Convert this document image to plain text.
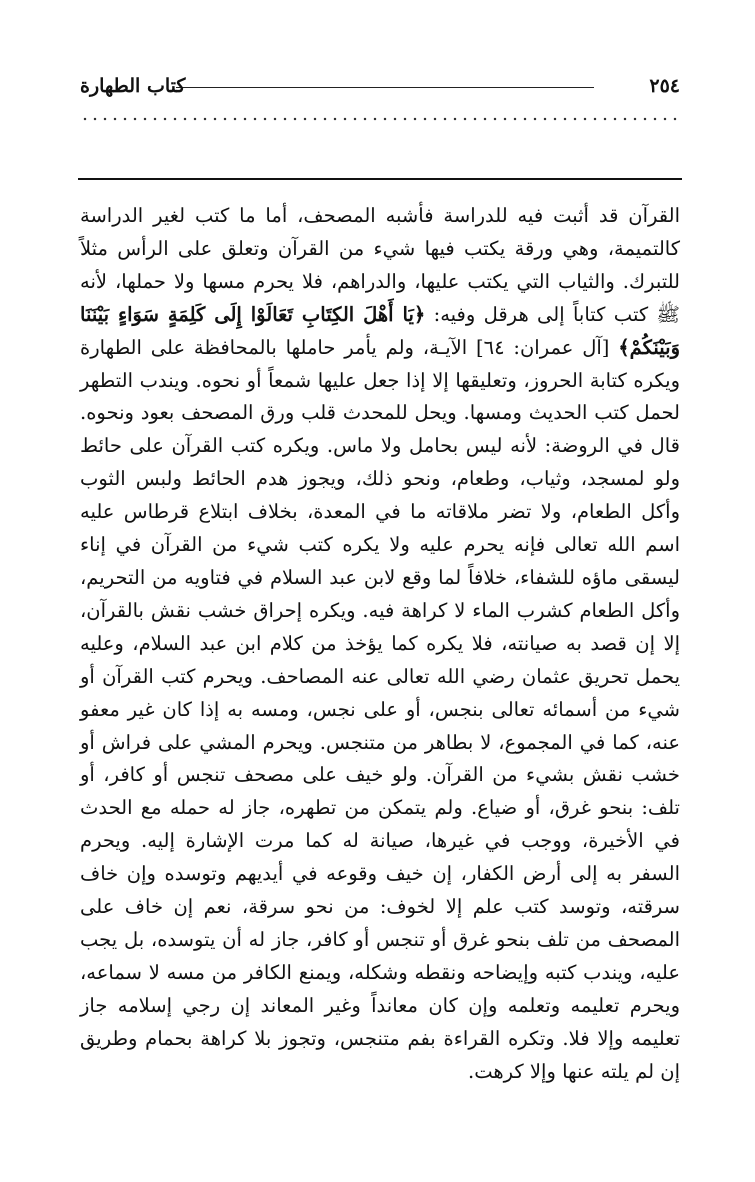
٢٥٤
كتاب الطهارة

القرآن قد أثبت فيه للدراسة فأشبه المصحف، أما ما كتب لغير الدراسة كالتميمة، وهي ورقة يكتب فيها شيء من القرآن وتعلق على الرأس مثلاً للتبرك. والثياب التي يكتب عليها، والدراهم، فلا يحرم مسها ولا حملها، لأنه ﷺ كتب كتاباً إلى هرقل وفيه: ﴿يَا أَهْلَ الكِتَابِ تَعَالَوْا إِلَى كَلِمَةٍ سَوَاءٍ بَيْنَنَا وَبَيْنَكُمْ﴾ [آل عمران: ٦٤] الآيـة، ولم يأمر حاملها بالمحافظة على الطهارة ويكره كتابة الحروز، وتعليقها إلا إذا جعل عليها شمعاً أو نحوه. ويندب التطهر لحمل كتب الحديث ومسها. ويحل للمحدث قلب ورق المصحف بعود ونحوه. قال في الروضة: لأنه ليس بحامل ولا ماس. ويكره كتب القرآن على حائط ولو لمسجد، وثياب، وطعام، ونحو ذلك، ويجوز هدم الحائط ولبس الثوب وأكل الطعام، ولا تضر ملاقاته ما في المعدة، بخلاف ابتلاع قرطاس عليه اسم الله تعالى فإنه يحرم عليه ولا يكره كتب شيء من القرآن في إناء ليسقى ماؤه للشفاء، خلافاً لما وقع لابن عبد السلام في فتاويه من التحريم، وأكل الطعام كشرب الماء لا كراهة فيه. ويكره إحراق خشب نقش بالقرآن، إلا إن قصد به صيانته، فلا يكره كما يؤخذ من كلام ابن عبد السلام، وعليه يحمل تحريق عثمان رضي الله تعالى عنه المصاحف. ويحرم كتب القرآن أو شيء من أسمائه تعالى بنجس، أو على نجس، ومسه به إذا كان غير معفو عنه، كما في المجموع، لا بطاهر من متنجس. ويحرم المشي على فراش أو خشب نقش بشيء من القرآن. ولو خيف على مصحف تنجس أو كافر، أو تلف: بنحو غرق، أو ضياع. ولم يتمكن من تطهره، جاز له حمله مع الحدث في الأخيرة، ووجب في غيرها، صيانة له كما مرت الإشارة إليه. ويحرم السفر به إلى أرض الكفار، إن خيف وقوعه في أيديهم وتوسده وإن خاف سرقته، وتوسد كتب علم إلا لخوف: من نحو سرقة، نعم إن خاف على المصحف من تلف بنحو غرق أو تنجس أو كافر، جاز له أن يتوسده، بل يجب عليه، ويندب كتبه وإيضاحه ونقطه وشكله، ويمنع الكافر من مسه لا سماعه، ويحرم تعليمه وتعلمه وإن كان معانداً وغير المعاند إن رجي إسلامه جاز تعليمه وإلا فلا. وتكره القراءة بفم متنجس، وتجوز بلا كراهة بحمام وطريق إن لم يلته عنها وإلا كرهت.
